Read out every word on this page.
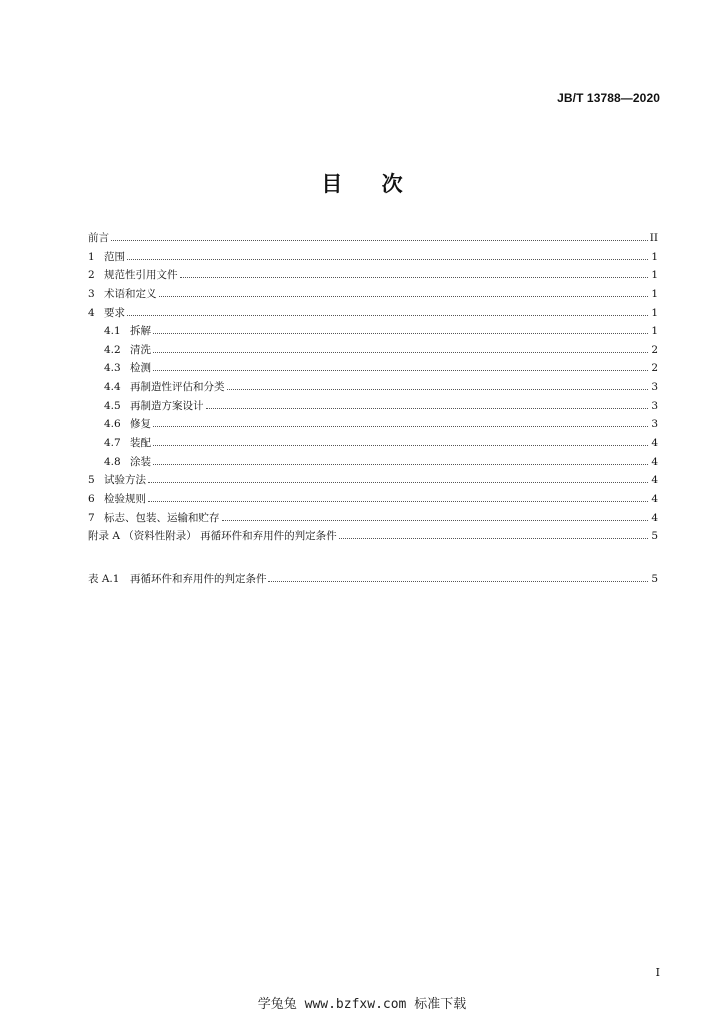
JB/T 13788—2020
目 次
前言	II
1 范围	1
2 规范性引用文件	1
3 术语和定义	1
4 要求	1
4.1 拆解	1
4.2 清洗	2
4.3 检测	2
4.4 再制造性评估和分类	3
4.5 再制造方案设计	3
4.6 修复	3
4.7 装配	4
4.8 涂装	4
5 试验方法	4
6 检验规则	4
7 标志、包装、运输和贮存	4
附录 A （资料性附录） 再循环件和弃用件的判定条件	5
表 A.1　再循环件和弃用件的判定条件	5
I
学兔兔 www.bzfxw.com 标准下载
